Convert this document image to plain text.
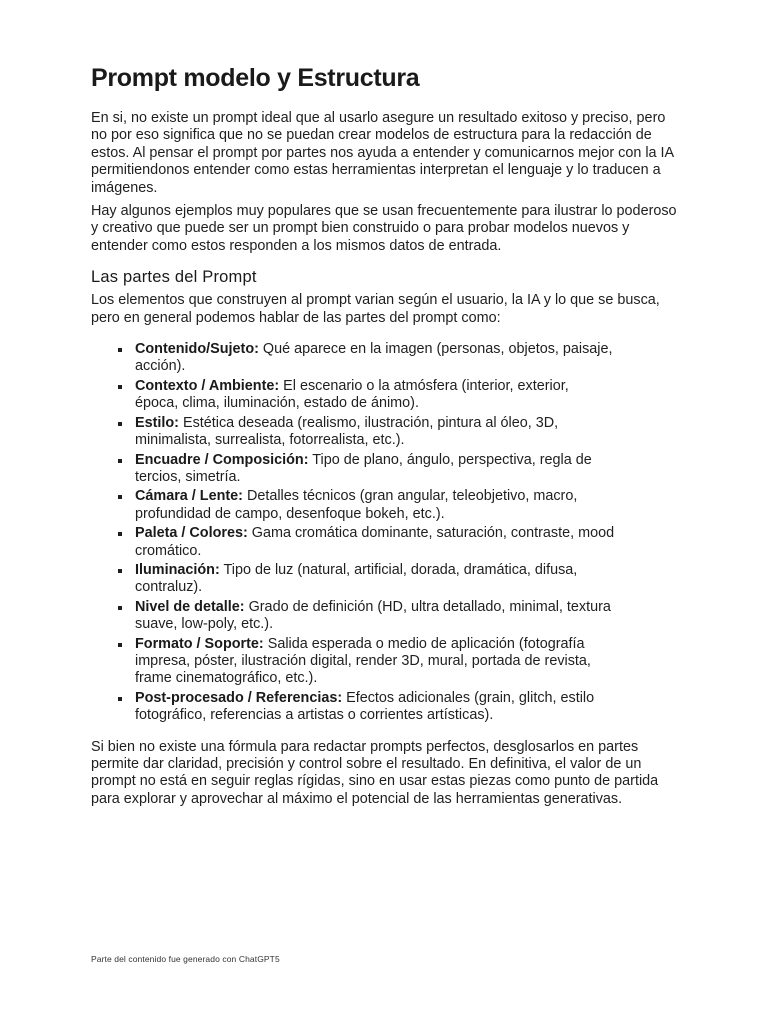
Prompt modelo y Estructura

En si, no existe un prompt ideal que al usarlo asegure un resultado exitoso y preciso, pero no por eso significa que no se puedan crear modelos de estructura para la redacción de estos. Al pensar el prompt por partes nos ayuda a entender y comunicarnos mejor con la IA permitiendonos entender como estas herramientas interpretan el lenguaje y lo traducen a imágenes.

Hay algunos ejemplos muy populares que se usan frecuentemente para ilustrar lo poderoso y creativo que puede ser un prompt bien construido o para probar modelos nuevos y entender como estos responden a los mismos datos de entrada.

Las partes del Prompt

Los elementos que construyen al prompt varian según el usuario, la IA y lo que se busca, pero en general podemos hablar de las partes del prompt como:

Contenido/Sujeto: Qué aparece en la imagen (personas, objetos, paisaje, acción).
Contexto / Ambiente: El escenario o la atmósfera (interior, exterior, época, clima, iluminación, estado de ánimo).
Estilo: Estética deseada (realismo, ilustración, pintura al óleo, 3D, minimalista, surrealista, fotorrealista, etc.).
Encuadre / Composición: Tipo de plano, ángulo, perspectiva, regla de tercios, simetría.
Cámara / Lente: Detalles técnicos (gran angular, teleobjetivo, macro, profundidad de campo, desenfoque bokeh, etc.).
Paleta / Colores: Gama cromática dominante, saturación, contraste, mood cromático.
Iluminación: Tipo de luz (natural, artificial, dorada, dramática, difusa, contraluz).
Nivel de detalle: Grado de definición (HD, ultra detallado, minimal, textura suave, low-poly, etc.).
Formato / Soporte: Salida esperada o medio de aplicación (fotografía impresa, póster, ilustración digital, render 3D, mural, portada de revista, frame cinematográfico, etc.).
Post-procesado / Referencias: Efectos adicionales (grain, glitch, estilo fotográfico, referencias a artistas o corrientes artísticas).

Si bien no existe una fórmula para redactar prompts perfectos, desglosarlos en partes permite dar claridad, precisión y control sobre el resultado. En definitiva, el valor de un prompt no está en seguir reglas rígidas, sino en usar estas piezas como punto de partida para explorar y aprovechar al máximo el potencial de las herramientas generativas.

Parte del contenido fue generado con ChatGPT5
